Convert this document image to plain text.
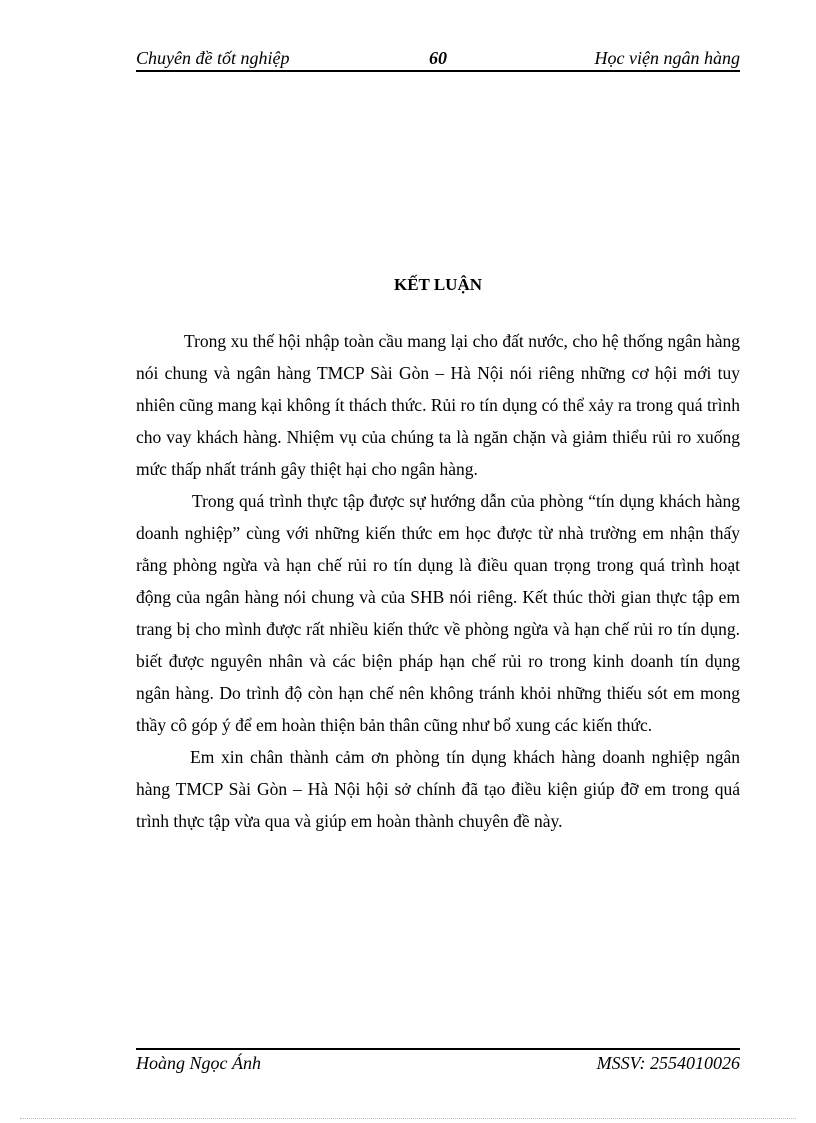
Chuyên đề tốt nghiệp	60	Học viện ngân hàng
KẾT LUẬN

Trong xu thế hội nhập toàn cầu mang lại cho đất nước, cho hệ thống ngân hàng nói chung và ngân hàng TMCP Sài Gòn – Hà Nội nói riêng những cơ hội mới tuy nhiên cũng mang kại không ít thách thức. Rủi ro tín dụng có thể xảy ra trong quá trình cho vay khách hàng. Nhiệm vụ của chúng ta là ngăn chặn và giảm thiểu rủi ro xuống mức thấp nhất tránh gây thiệt hại cho ngân hàng.

Trong quá trình thực tập được sự hướng dẫn của phòng “tín dụng khách hàng doanh nghiệp” cùng với những kiến thức em học được từ nhà trường em nhận thấy rằng phòng ngừa và hạn chế rủi ro tín dụng là điều quan trọng trong quá trình hoạt động của ngân hàng nói chung và của SHB nói riêng. Kết thúc thời gian thực tập em trang bị cho mình được rất nhiều kiến thức về phòng ngừa và hạn chế rủi ro tín dụng. biết được nguyên nhân và các biện pháp hạn chế rủi ro trong kinh doanh tín dụng ngân hàng. Do trình độ còn hạn chế nên không tránh khỏi những thiếu sót em mong thầy cô góp ý để em hoàn thiện bản thân cũng như bổ xung các kiến thức.

Em xin chân thành cảm ơn phòng tín dụng khách hàng doanh nghiệp ngân hàng TMCP Sài Gòn – Hà Nội hội sở chính đã tạo điều kiện giúp đỡ em trong quá trình thực tập vừa qua và giúp em hoàn thành chuyên đề này.

Hoàng Ngọc Ánh	MSSV: 2554010026
